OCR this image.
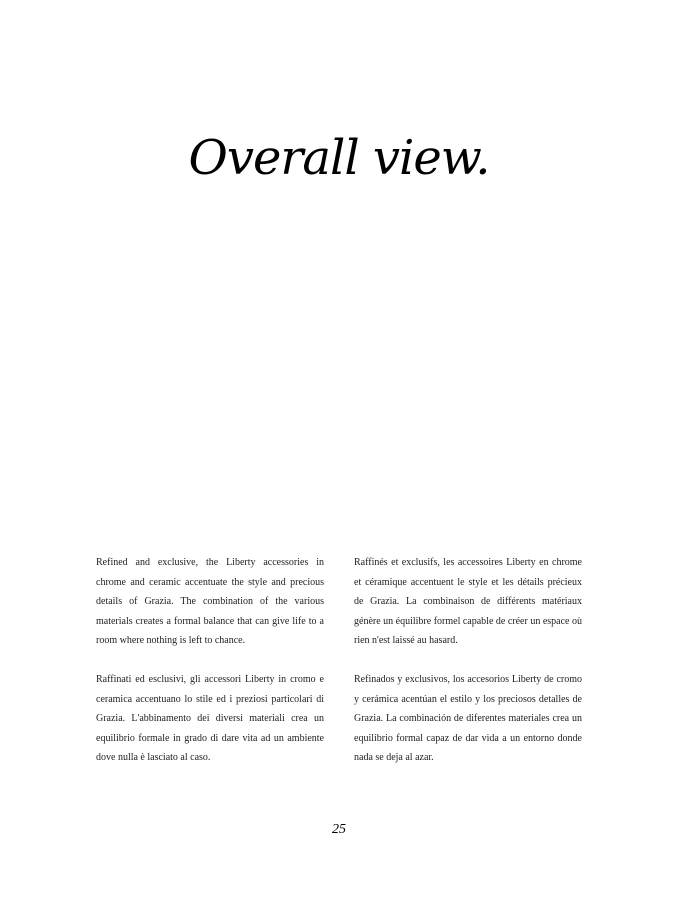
Overall view.

Refined and exclusive, the Liberty accessories in chrome and ceramic accentuate the style and precious details of Grazia. The combination of the various materials creates a formal balance that can give life to a room where nothing is left to chance.

Raffinés et exclusifs, les accessoires Liberty en chrome et céramique accentuent le style et les détails précieux de Grazia. La combinaison de différents matériaux génère un équilibre formel capable de créer un espace où rien n'est laissé au hasard.

Raffinati ed esclusivi, gli accessori Liberty in cromo e ceramica accentuano lo stile ed i preziosi particolari di Grazia. L'abbinamento dei diversi materiali crea un equilibrio formale in grado di dare vita ad un ambiente dove nulla è lasciato al caso.

Refinados y exclusivos, los accesorios Liberty de cromo y cerámica acentúan el estilo y los preciosos detalles de Grazia. La combinación de diferentes materiales crea un equilibrio formal capaz de dar vida a un entorno donde nada se deja al azar.

25
